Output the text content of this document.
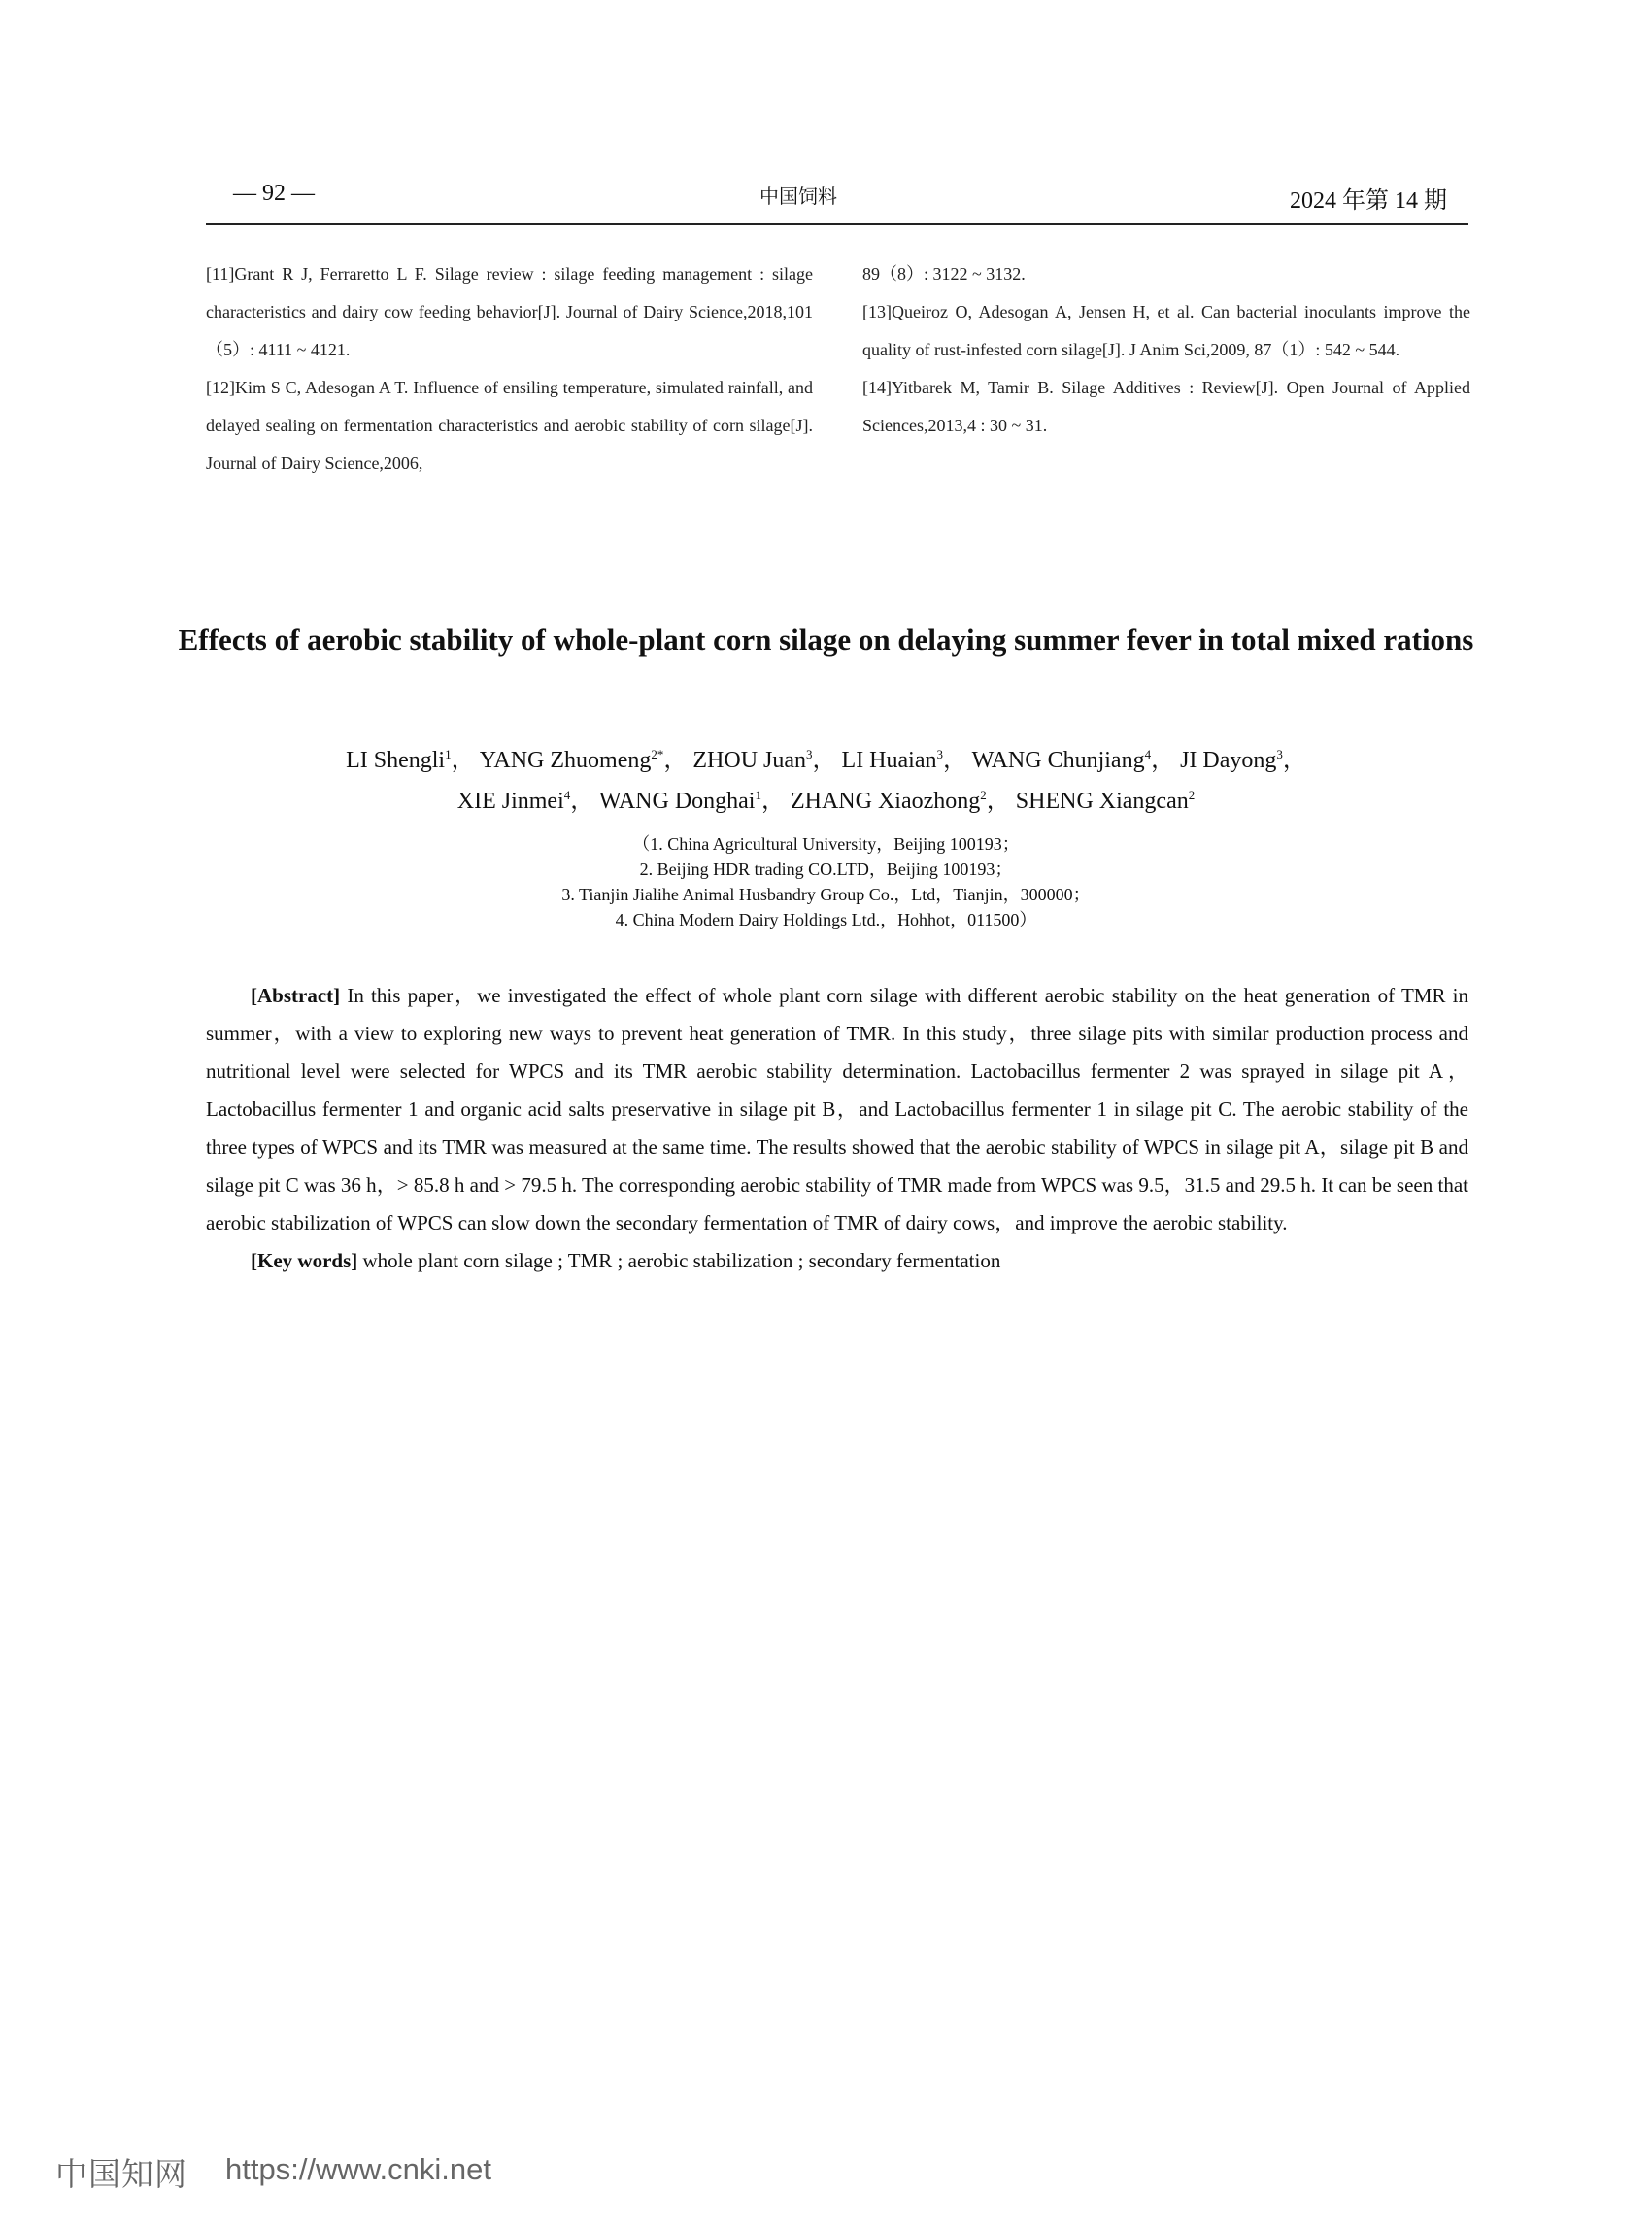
— 92 —	中国饲料	2024 年第 14 期

[11]Grant R J, Ferraretto L F. Silage review : silage feeding management : silage characteristics and dairy cow feeding behavior[J]. Journal of Dairy Science,2018,101（5）: 4111 ~ 4121.

[12]Kim S C, Adesogan A T. Influence of ensiling temperature, simulated rainfall, and delayed sealing on fermentation characteristics and aerobic stability of corn silage[J]. Journal of Dairy Science,2006,

89（8）: 3122 ~ 3132.

[13]Queiroz O, Adesogan A, Jensen H, et al. Can bacterial inoculants improve the quality of rust-infested corn silage[J]. J Anim Sci,2009, 87（1）: 542 ~ 544.

[14]Yitbarek M, Tamir B. Silage Additives : Review[J]. Open Journal of Applied Sciences,2013,4 : 30 ~ 31.

Effects of aerobic stability of whole-plant corn silage on delaying summer fever in total mixed rations
LI Shengli$^1$， YANG Zhuomeng$^{2*}$， ZHOU Juan$^3$， LI Huaian$^3$， WANG Chunjiang$^4$， JI Dayong$^3$，
XIE Jinmei$^4$， WANG Donghai$^1$， ZHANG Xiaozhong$^2$， SHENG Xiangcan$^2$
（1. China Agricultural University，Beijing 100193；
2. Beijing HDR trading CO.LTD，Beijing 100193；
3. Tianjin Jialihe Animal Husbandry Group Co.，Ltd，Tianjin，300000；
4. China Modern Dairy Holdings Ltd.，Hohhot，011500）

[Abstract] In this paper，we investigated the effect of whole plant corn silage with different aerobic stability on the heat generation of TMR in summer，with a view to exploring new ways to prevent heat generation of TMR. In this study，three silage pits with similar production process and nutritional level were selected for WPCS and its TMR aerobic stability determination. Lactobacillus fermenter 2 was sprayed in silage pit A，Lactobacillus fermenter 1 and organic acid salts preservative in silage pit B，and Lactobacillus fermenter 1 in silage pit C. The aerobic stability of the three types of WPCS and its TMR was measured at the same time. The results showed that the aerobic stability of WPCS in silage pit A，silage pit B and silage pit C was 36 h，> 85.8 h and > 79.5 h. The corresponding aerobic stability of TMR made from WPCS was 9.5，31.5 and 29.5 h. It can be seen that aerobic stabilization of WPCS can slow down the secondary fermentation of TMR of dairy cows，and improve the aerobic stability.

[Key words] whole plant corn silage ; TMR ; aerobic stabilization ; secondary fermentation

中国知网 https://www.cnki.net
